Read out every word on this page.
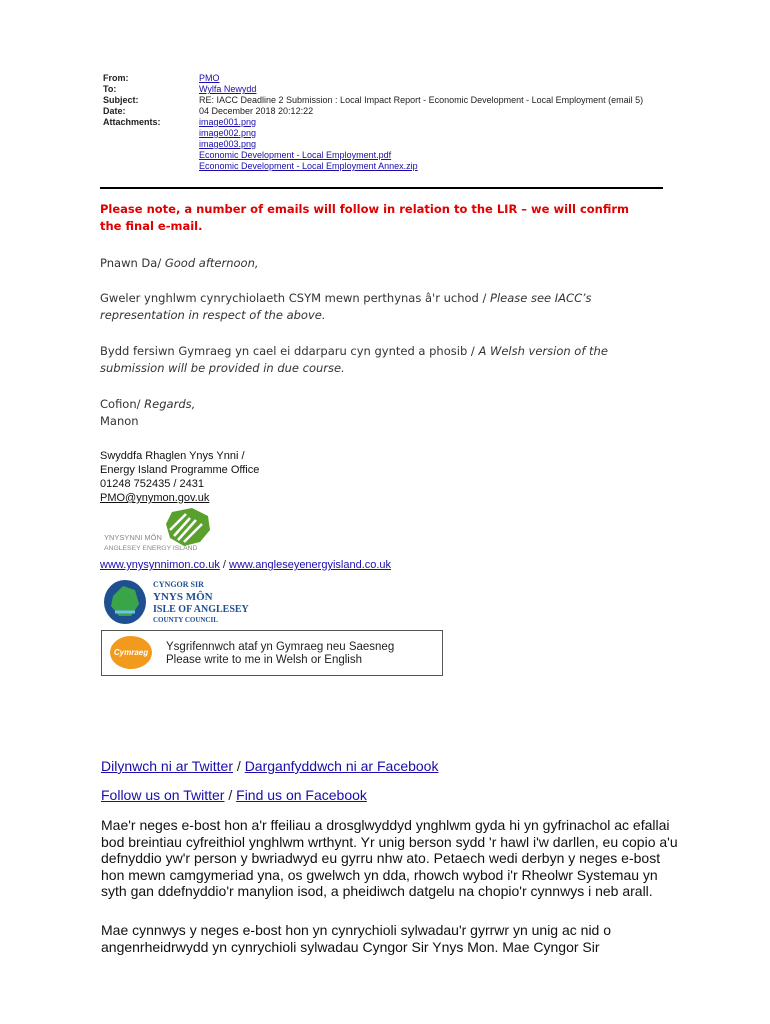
From:	PMO
To:	Wylfa Newydd
Subject:	RE: IACC Deadline 2 Submission : Local Impact Report - Economic Development - Local Employment (email 5)
Date:	04 December 2018 20:12:22
Attachments:	image001.png
image002.png
image003.png
Economic Development - Local Employment.pdf
Economic Development - Local Employment Annex.zip
Please note, a number of emails will follow in relation to the LIR – we will confirm the final e-mail.
Pnawn Da/ Good afternoon,
Gweler ynghlwm cynrychiolaeth CSYM mewn perthynas â'r uchod / Please see IACC’s representation in respect of the above.
Bydd fersiwn Gymraeg yn cael ei ddarparu cyn gynted a phosib / A Welsh version of the submission will be provided in due course.
Cofion/ Regards,
Manon
Swyddfa Rhaglen Ynys Ynni /
Energy Island Programme Office
01248 752435 / 2431
PMO@ynymon.gov.uk
YNYSYNNI MÔN
ANGLESEY ENERGY ISLAND
www.ynysynnimon.co.uk / www.angleseyenergyisland.co.uk
CYNGOR SIR
YNYS MÔN
ISLE OF ANGLESEY
COUNTY COUNCIL
Cymraeg	Ysgrifennwch ataf yn Gymraeg neu Saesneg
Please write to me in Welsh or English
Dilynwch ni ar Twitter / Darganfyddwch ni ar Facebook
Follow us on Twitter / Find us on Facebook
Mae'r neges e-bost hon a'r ffeiliau a drosglwyddyd ynghlwm gyda hi yn gyfrinachol ac efallai bod breintiau cyfreithiol ynghlwm wrthynt. Yr unig berson sydd 'r hawl i'w darllen, eu copio a'u defnyddio yw'r person y bwriadwyd eu gyrru nhw ato. Petaech wedi derbyn y neges e-bost hon mewn camgymeriad yna, os gwelwch yn dda, rhowch wybod i'r Rheolwr Systemau yn syth gan ddefnyddio'r manylion isod, a pheidiwch datgelu na chopio'r cynnwys i neb arall.
Mae cynnwys y neges e-bost hon yn cynrychioli sylwadau'r gyrrwr yn unig ac nid o angenrheidrwydd yn cynrychioli sylwadau Cyngor Sir Ynys Mon. Mae Cyngor Sir
